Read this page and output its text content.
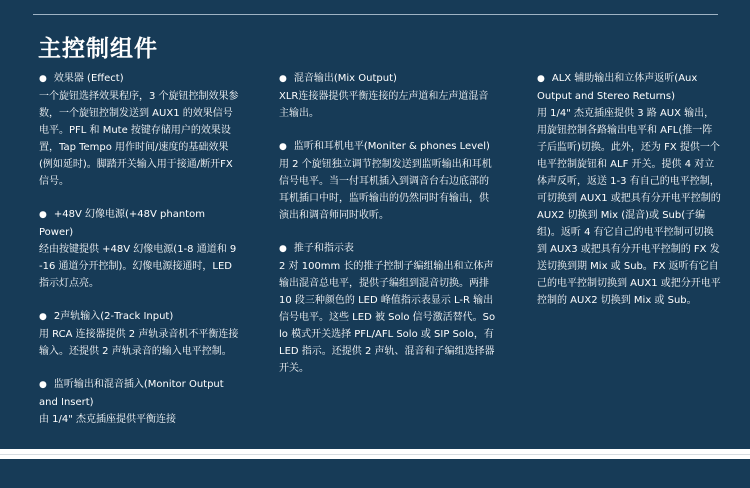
主控制组件
● 效果器 (Effect)
一个旋钮选择效果程序，3 个旋钮控制效果参数，一个旋钮控制发送到 AUX1 的效果信号电平。PFL 和 Mute 按键存储用户的效果设置，Tap Tempo 用作时间/速度的基础效果(例如延时)。脚踏开关输入用于接通/断开FX信号。
● +48V 幻像电源(+48V phantom Power)
经由按键提供 +48V 幻像电源(1-8 通道和 9-16 通道分开控制)。幻像电源接通时，LED 指示灯点亮。
● 2声轨输入(2-Track Input)
用 RCA 连接器提供 2 声轨录音机不平衡连接输入。还提供 2 声轨录音的输入电平控制。
● 监听输出和混音插入(Monitor Output and Insert)
由 1/4" 杰克插座提供平衡连接
● 混音输出(Mix Output)
XLR连接器提供平衡连接的左声道和左声道混音主输出。
● 监听和耳机电平(Moniter & phones Level)
用 2 个旋钮独立调节控制发送到监听输出和耳机信号电平。当一付耳机插入到调音台右边底部的耳机插口中时，监听输出的仍然同时有输出，供演出和调音师同时收听。
● 推子和指示表
2 对 100mm 长的推子控制子编组输出和立体声输出混音总电平，提供子编组到混音切换。两排 10 段三种颜色的 LED 峰值指示表显示 L-R 输出信号电平。这些 LED 被 Solo 信号激活替代。Solo 模式开关选择 PFL/AFL Solo 或 SIP Solo，有 LED 指示。还提供 2 声轨、混音和子编组选择器开关。
● ALX 辅助输出和立体声返听(Aux Output and Stereo Returns)
用 1/4" 杰克插座提供 3 路 AUX 输出，用旋钮控制各路输出电平和 AFL(推一阵子后监听)切换。此外，还为 FX 提供一个电平控制旋钮和 ALF 开关。提供 4 对立体声反听，返送 1-3 有自己的电平控制，可切换到 AUX1 或把具有分开电平控制的 AUX2 切换到 Mix (混音)或 Sub(子编组)。返听 4 有它自己的电平控制可切换到 AUX3 或把具有分开电平控制的 FX 发送切换到期 Mix 或 Sub。FX 返听有它自己的电平控制切换到 AUX1 或把分开电平控制的 AUX2 切换到 Mix 或 Sub。
